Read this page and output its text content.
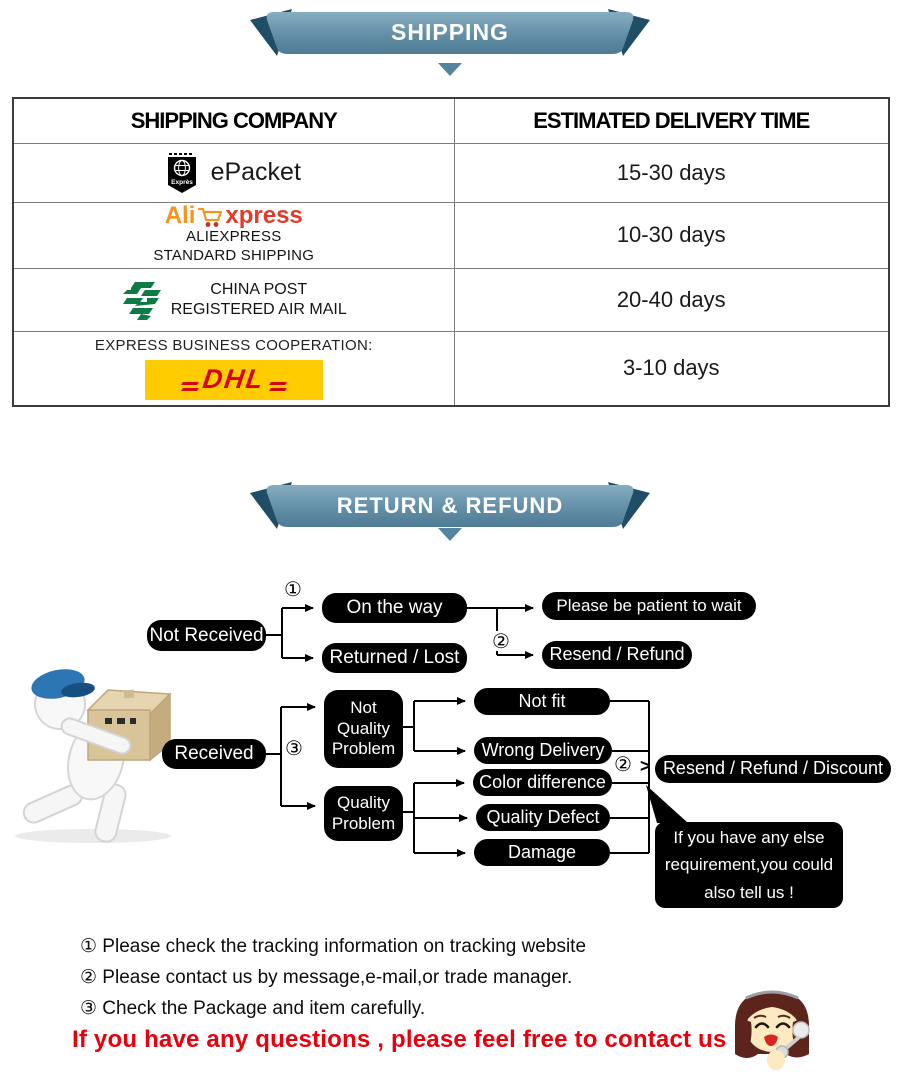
SHIPPING
SHIPPING COMPANY	ESTIMATED DELIVERY TIME

Exprès ePacket	15-30 days

Ali xpress
ALIEXPRESS
STANDARD SHIPPING	10-30 days

CHINA POST
REGISTERED AIR MAIL	20-40 days

EXPRESS BUSINESS COOPERATION:
DHL	3-10 days
RETURN & REFUND
Not Received
On the way
Returned / Lost
Please be patient to wait
Resend / Refund
Received
Not Quality Problem
Quality Problem
Not fit
Wrong Delivery
Color difference
Quality Defect
Damage
Resend / Refund / Discount
①
②
③
② >
If you have any else
requirement,you could
also tell us !
① Please check the tracking information on tracking website
② Please contact us by message,e-mail,or trade manager.
③ Check the Package and item carefully.
If you have any questions , please feel free to contact us
